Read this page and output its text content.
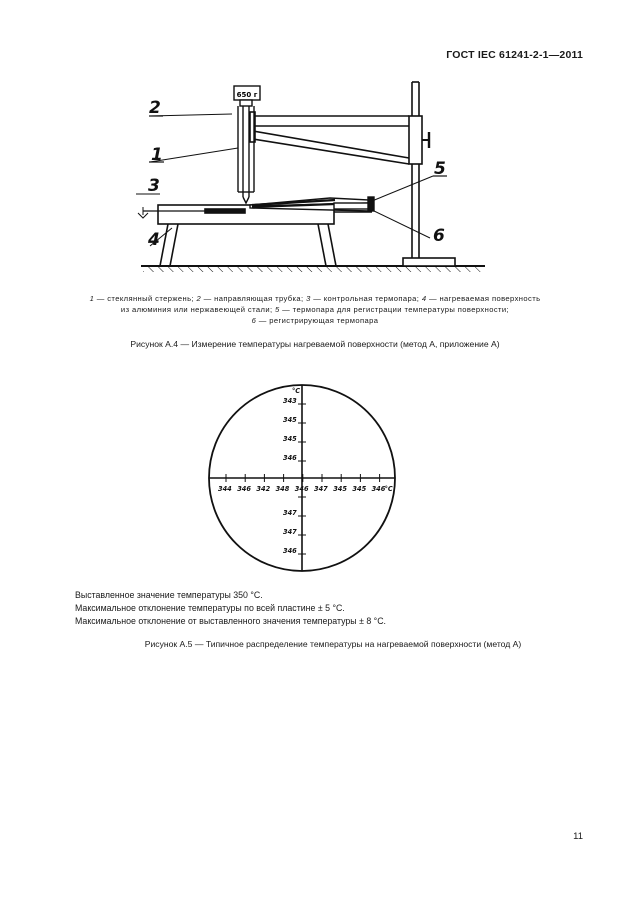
ГОСТ IEC 61241-2-1—2011
650 г
2
1
3
4
5
6
1 — стеклянный стержень; 2 — направляющая трубка; 3 — контрольная термопара; 4 — нагреваемая поверхность
из алюминия или нержавеющей стали; 5 — термопара для регистрации температуры поверхности;
6 — регистрирующая термопара
Рисунок А.4 — Измерение температуры нагреваемой поверхности (метод А, приложение А)
344 346 342 348 346 347 345 345 346 °C
343
345
345
346
347
347
346
°C
Выставленное значение температуры 350 °С.
Максимальное отклонение температуры по всей пластине ± 5 °С.
Максимальное отклонение от выставленного значения температуры ± 8 °С.
Рисунок А.5 — Типичное распределение температуры на нагреваемой поверхности (метод А)
11
